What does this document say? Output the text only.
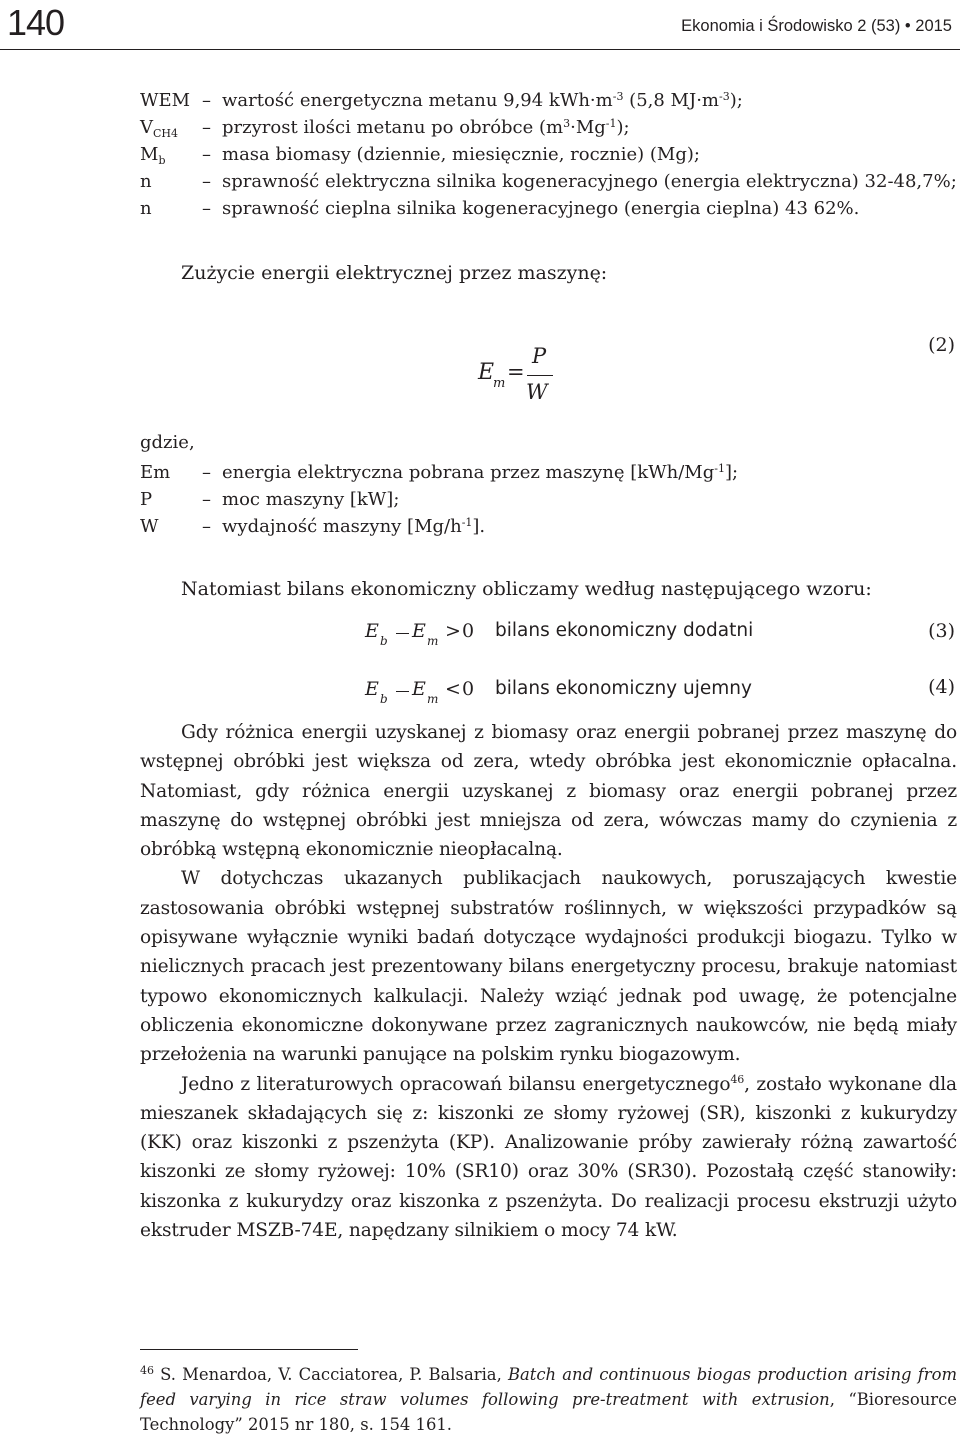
140	Ekonomia i Środowisko 2 (53) • 2015
WEM – wartość energetyczna metanu 9,94 $kWh\cdot m^{-3}$ (5,8 $MJ\cdot m^{-3}$);
$V_{CH4}$ – przyrost ilości metanu po obróbce $(m^3\cdot Mg^{-1})$;
$M_b$ – masa biomasy (dziennie, miesięcznie, rocznie) (Mg);
n	– sprawność elektryczna silnika kogeneracyjnego (energia elektryczna) 32-48,7%;
n	– sprawność cieplna silnika kogeneracyjnego (energia cieplna) 43 62%.
Zużycie energii elektrycznej przez maszynę:
E
m =
P
W
(2)
gdzie,
Em – energia elektryczna pobrana przez maszynę $[kWh/Mg^{-1}]$;
P	– moc maszyny [kW];
W – wydajność maszyny $[Mg/h^{-1}]$.
Natomiast bilans ekonomiczny obliczamy według następującego wzoru:
E b E m > 0 bilans ekonomiczny dodatni	(3)
E b E m < 0 bilans ekonomiczny ujemny	(4)

Gdy różnica energii uzyskanej z biomasy oraz energii pobranej przez maszynę do wstępnej obróbki jest większa od zera, wtedy obróbka jest ekonomicznie opłacalna. Natomiast, gdy różnica energii uzyskanej z biomasy oraz energii pobranej przez maszynę do wstępnej obróbki jest mniejsza od zera, wówczas mamy do czynienia z obróbką wstępną ekonomicznie nieopłacalną.

W dotychczas ukazanych publikacjach naukowych, poruszających kwestie zastosowania obróbki wstępnej substratów roślinnych, w większości przypadków są opisywane wyłącznie wyniki badań dotyczące wydajności produkcji biogazu. Tylko w nielicznych pracach jest prezentowany bilans energetyczny procesu, brakuje natomiast typowo ekonomicznych kalkulacji. Należy wziąć jednak pod uwagę, że potencjalne obliczenia ekonomiczne dokonywane przez zagranicznych naukowców, nie będą miały przełożenia na warunki panujące na polskim rynku biogazowym.

Jedno z literaturowych opracowań bilansu energetycznego$^{46}$, zostało wykonane dla mieszanek składających się z: kiszonki ze słomy ryżowej (SR), kiszonki z kukurydzy (KK) oraz kiszonki z pszenżyta (KP). Analizowanie próby zawierały różną zawartość kiszonki ze słomy ryżowej: 10% (SR10) oraz 30% (SR30). Pozostałą część stanowiły: kiszonka z kukurydzy oraz kiszonka z pszenżyta. Do realizacji procesu ekstruzji użyto ekstruder MSZB-74E, napędzany silnikiem o mocy 74 kW.

$^{46}$ S. Menardoa, V. Cacciatorea, P. Balsaria, Batch and continuous biogas production arising from feed varying in rice straw volumes following pre-treatment with extrusion, “Bioresource Technology” 2015 nr 180, s. 154 161.
